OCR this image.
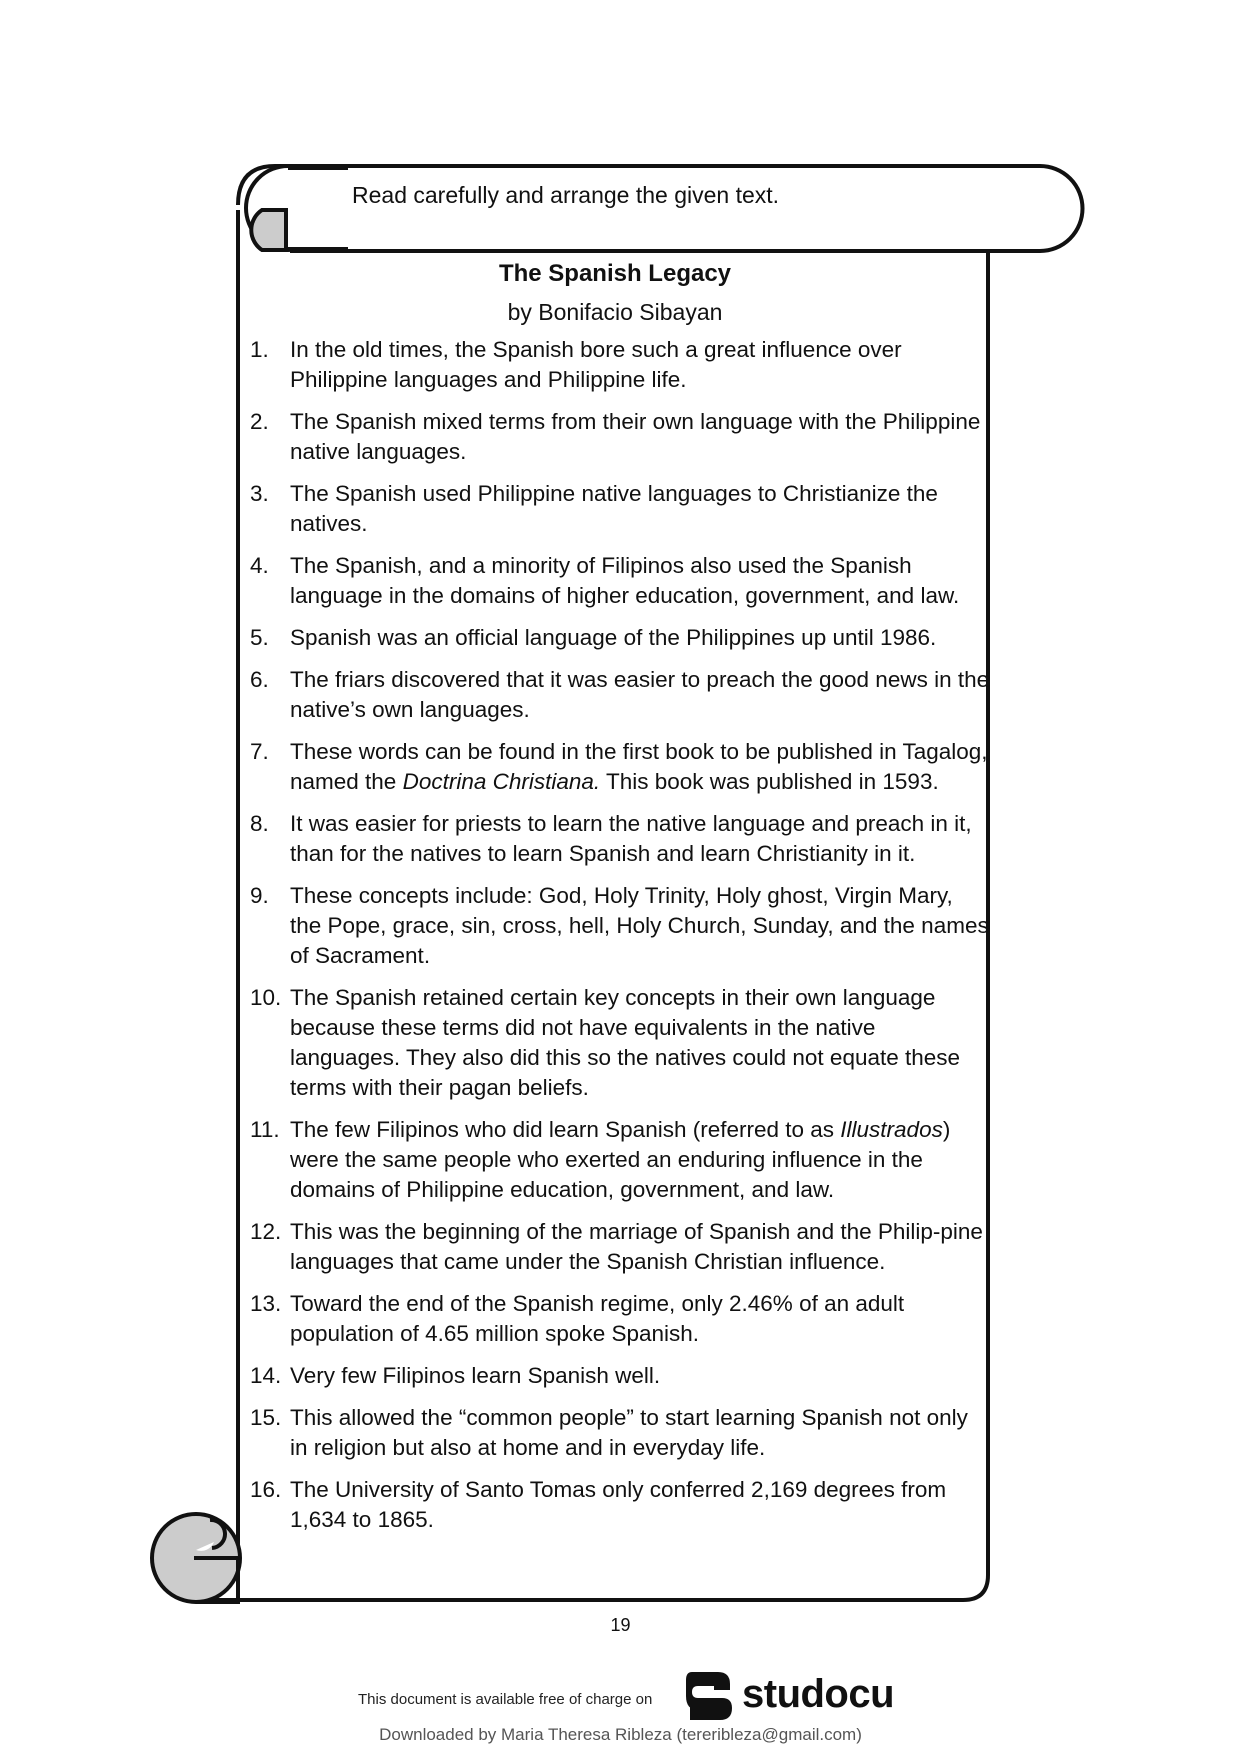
Read carefully and arrange the given text.
The Spanish Legacy
by Bonifacio Sibayan
1. In the old times, the Spanish bore such a great influence over Philippine languages and Philippine life.
2. The Spanish mixed terms from their own language with the Philippine native languages.
3. The Spanish used Philippine native languages to Christianize the natives.
4. The Spanish, and a minority of Filipinos also used the Spanish language in the domains of higher education, government, and law.
5. Spanish was an official language of the Philippines up until 1986.
6. The friars discovered that it was easier to preach the good news in the native’s own languages.
7. These words can be found in the first book to be published in Tagalog, named the Doctrina Christiana. This book was published in 1593.
8. It was easier for priests to learn the native language and preach in it, than for the natives to learn Spanish and learn Christianity in it.
9. These concepts include: God, Holy Trinity, Holy ghost, Virgin Mary, the Pope, grace, sin, cross, hell, Holy Church, Sunday, and the names of Sacrament.
10. The Spanish retained certain key concepts in their own language because these terms did not have equivalents in the native languages. They also did this so the natives could not equate these terms with their pagan beliefs.
11. The few Filipinos who did learn Spanish (referred to as Illustrados) were the same people who exerted an enduring influence in the domains of Philippine education, government, and law.
12. This was the beginning of the marriage of Spanish and the Philip-pine languages that came under the Spanish Christian influence.
13. Toward the end of the Spanish regime, only 2.46% of an adult population of 4.65 million spoke Spanish.
14. Very few Filipinos learn Spanish well.
15. This allowed the “common people” to start learning Spanish not only in religion but also at home and in everyday life.
16. The University of Santo Tomas only conferred 2,169 degrees from 1,634 to 1865.
19
This document is available free of charge on studocu
Downloaded by Maria Theresa Ribleza (tereribleza@gmail.com)
